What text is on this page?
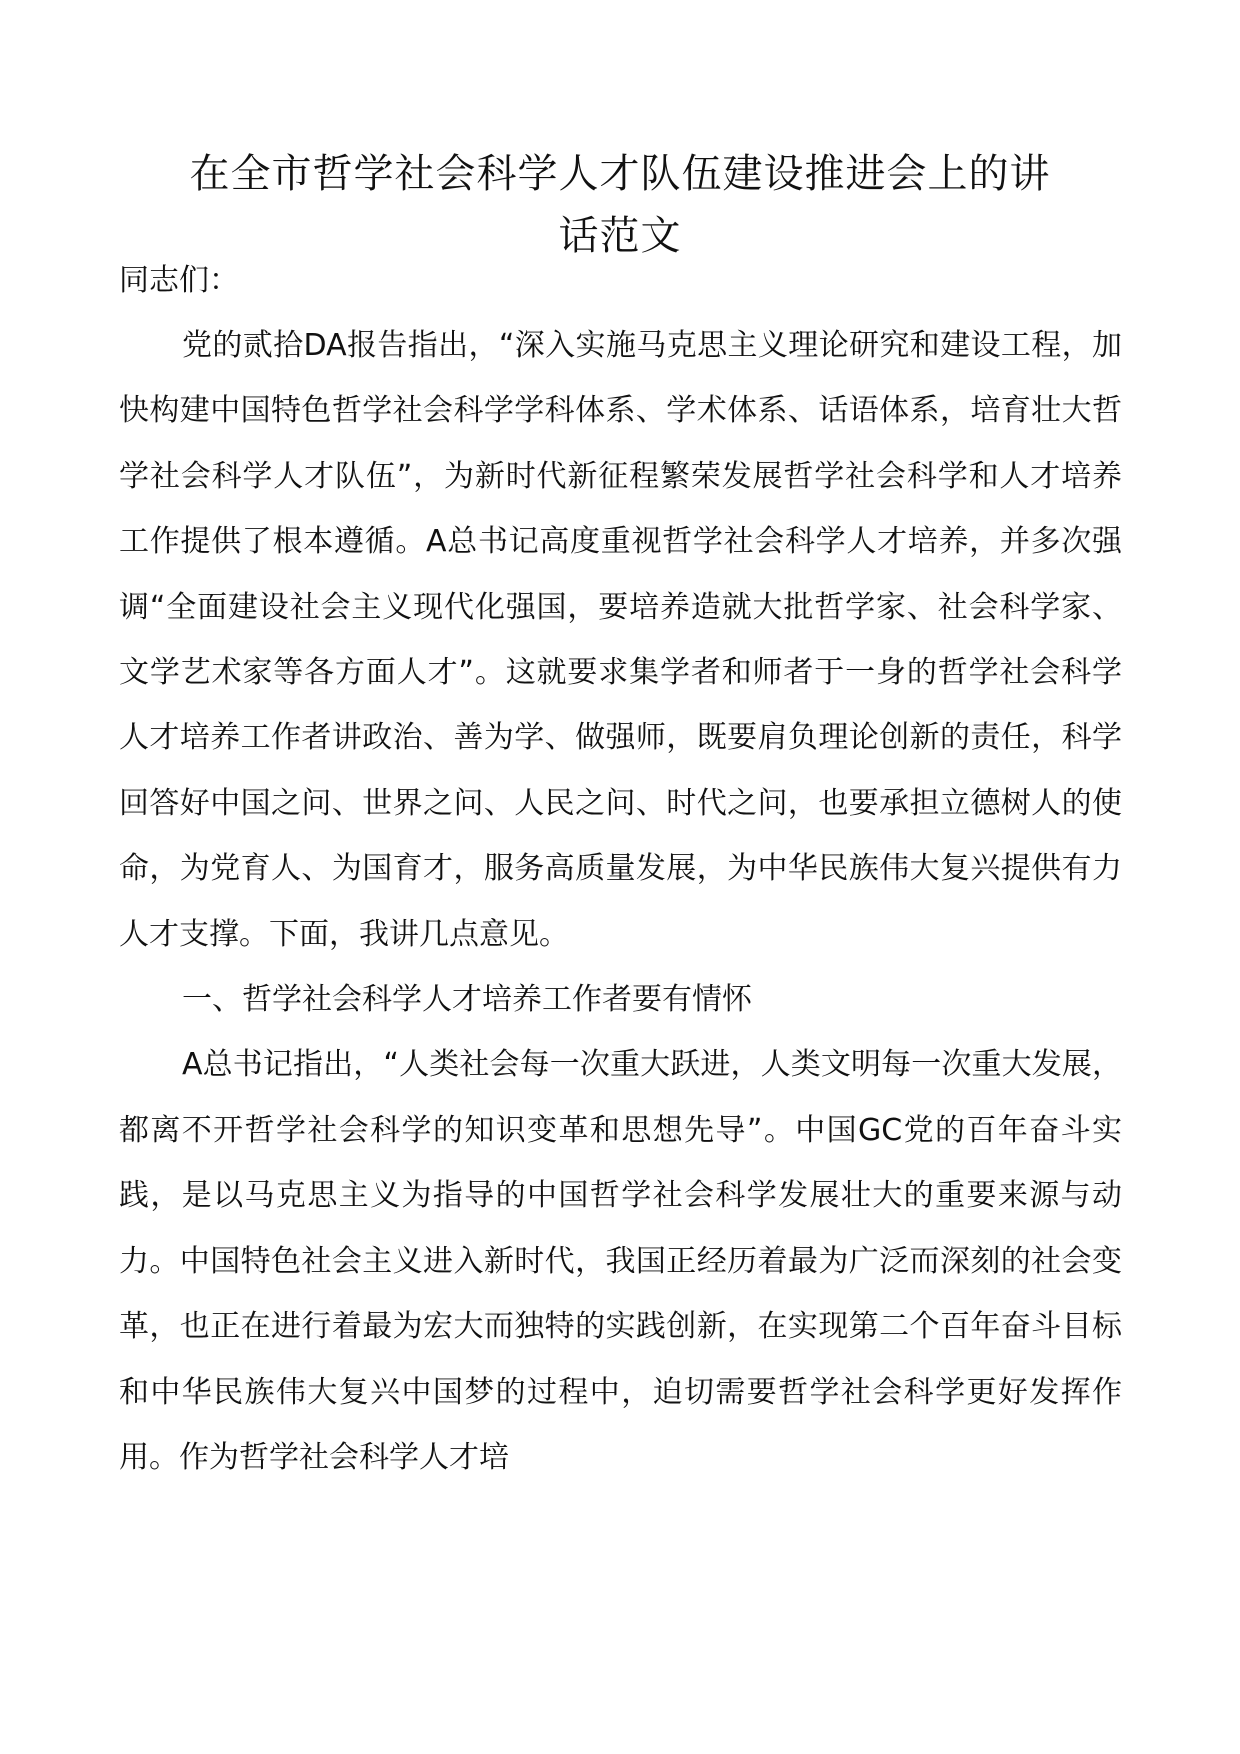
在全市哲学社会科学人才队伍建设推进会上的讲
话范文

同志们：

党的贰拾DA报告指出，“深入实施马克思主义理论研究和建设工程，加快构建中国特色哲学社会科学学科体系、学术体系、话语体系，培育壮大哲学社会科学人才队伍”，为新时代新征程繁荣发展哲学社会科学和人才培养工作提供了根本遵循。A总书记高度重视哲学社会科学人才培养，并多次强调“全面建设社会主义现代化强国，要培养造就大批哲学家、社会科学家、文学艺术家等各方面人才”。这就要求集学者和师者于一身的哲学社会科学人才培养工作者讲政治、善为学、做强师，既要肩负理论创新的责任，科学回答好中国之问、世界之问、人民之问、时代之问，也要承担立德树人的使命，为党育人、为国育才，服务高质量发展，为中华民族伟大复兴提供有力人才支撑。下面，我讲几点意见。

一、哲学社会科学人才培养工作者要有情怀

A总书记指出，“人类社会每一次重大跃进，人类文明每一次重大发展，都离不开哲学社会科学的知识变革和思想先导”。中国GC党的百年奋斗实践，是以马克思主义为指导的中国哲学社会科学发展壮大的重要来源与动力。中国特色社会主义进入新时代，我国正经历着最为广泛而深刻的社会变革，也正在进行着最为宏大而独特的实践创新，在实现第二个百年奋斗目标和中华民族伟大复兴中国梦的过程中，迫切需要哲学社会科学更好发挥作用。作为哲学社会科学人才培
